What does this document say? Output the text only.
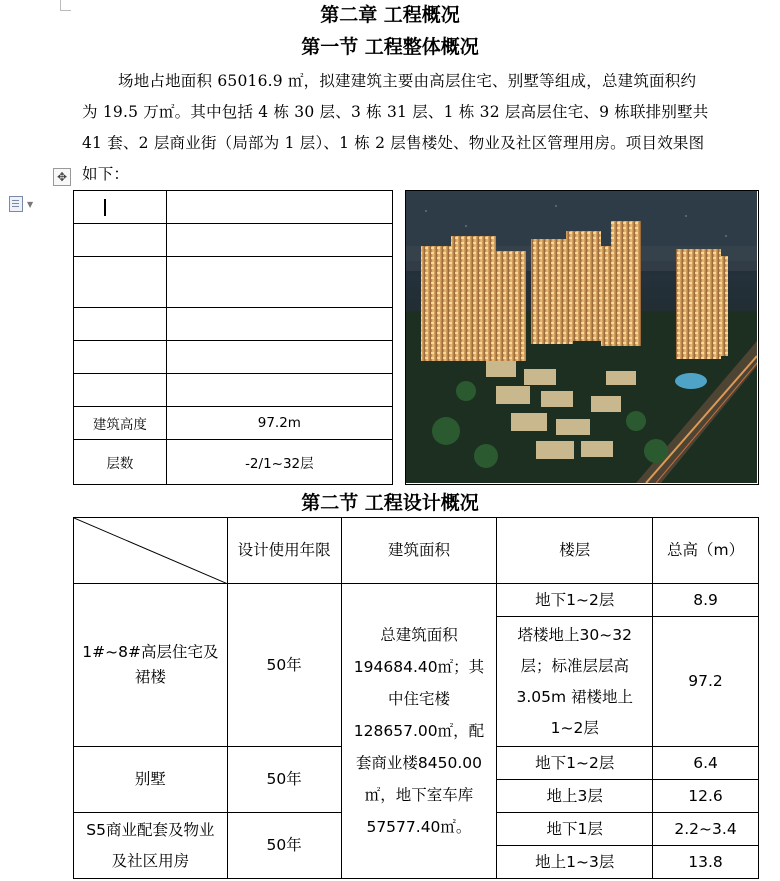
第二章 工程概况
第一节 工程整体概况
场地占地面积 65016.9 ㎡，拟建建筑主要由高层住宅、别墅等组成，总建筑面积约
为 19.5 万㎡。其中包括 4 栋 30 层、3 栋 31 层、1 栋 32 层高层住宅、9 栋联排别墅共
41 套、2 层商业街（局部为 1 层）、1 栋 2 层售楼处、物业及社区管理用房。项目效果图
如下：
✥
▼

建筑高度	97.2m		
层数	-2/1~32层		
第二节 工程设计概况
	设计使用年限	建筑面积	楼层	总高（m）
1#~8#高层住宅及裙楼	50年	总建筑面积194684.40㎡；其中住宅楼128657.00㎡，配套商业楼8450.00㎡，地下室车库57577.40㎡。	地下1~2层	8.9
			塔楼地上30~32层；标准层层高3.05m 裙楼地上1~2层	97.2
别墅	50年		地下1~2层	6.4
			地上3层	12.6
S5商业配套及物业及社区用房	50年		地下1层	2.2~3.4
			地上1~3层	13.8
